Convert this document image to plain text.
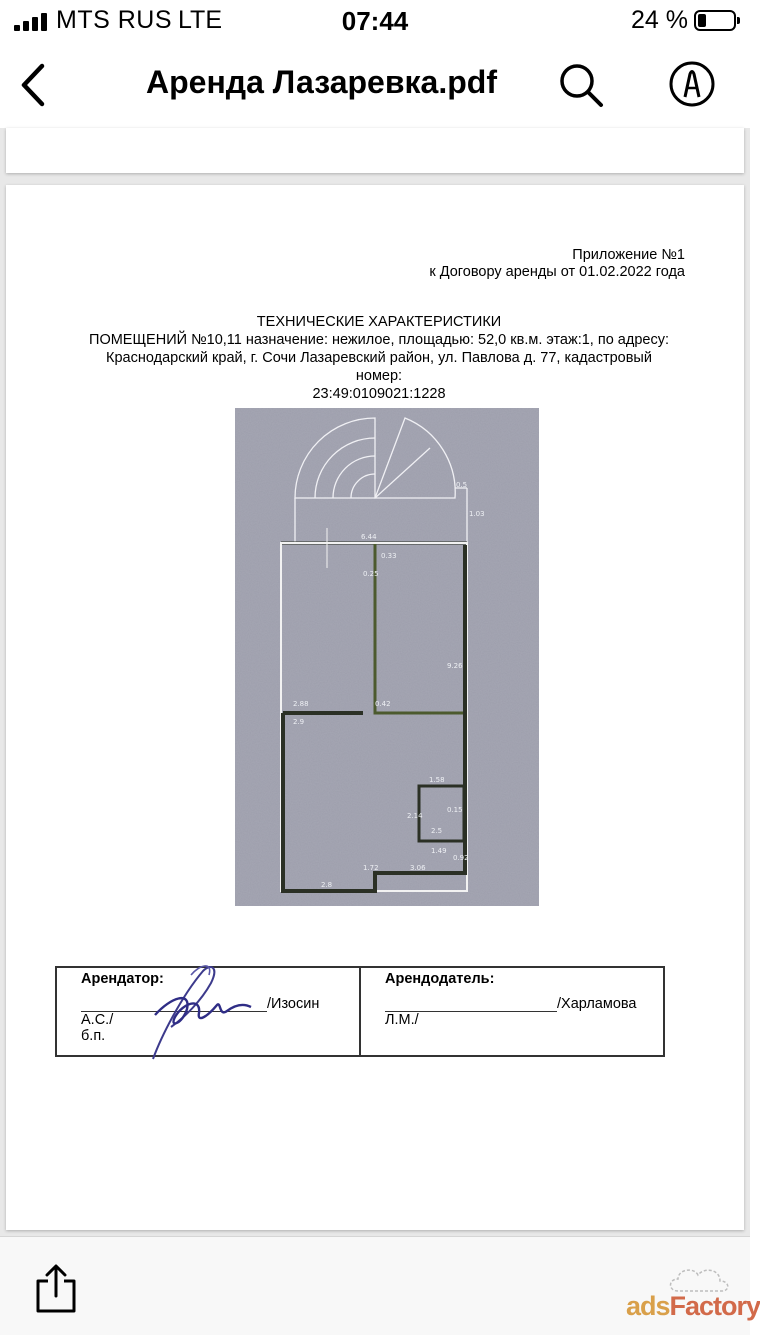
MTS RUS LTE	07:44	24 %
Аренда Лазаревка.pdf
Приложение №1
к Договору аренды от 01.02.2022 года
ТЕХНИЧЕСКИЕ ХАРАКТЕРИСТИКИ
ПОМЕЩЕНИЙ №10,11 назначение: нежилое, площадью: 52,0 кв.м. этаж:1, по адресу:
Краснодарский край, г. Сочи Лазаревский район, ул. Павлова д. 77, кадастровый номер:
23:49:0109021:1228
6.44
0.33
0.25
2.88
2.9
9.26
0.42
1.58
2.14
1.49
2.5
0.15
1.72
2.8
3.06
0.5
1.03
0.92
Арендатор:
/Изосин А.С./
б.п.

Арендодатель:
/Харламова
Л.М./
adsFactory
